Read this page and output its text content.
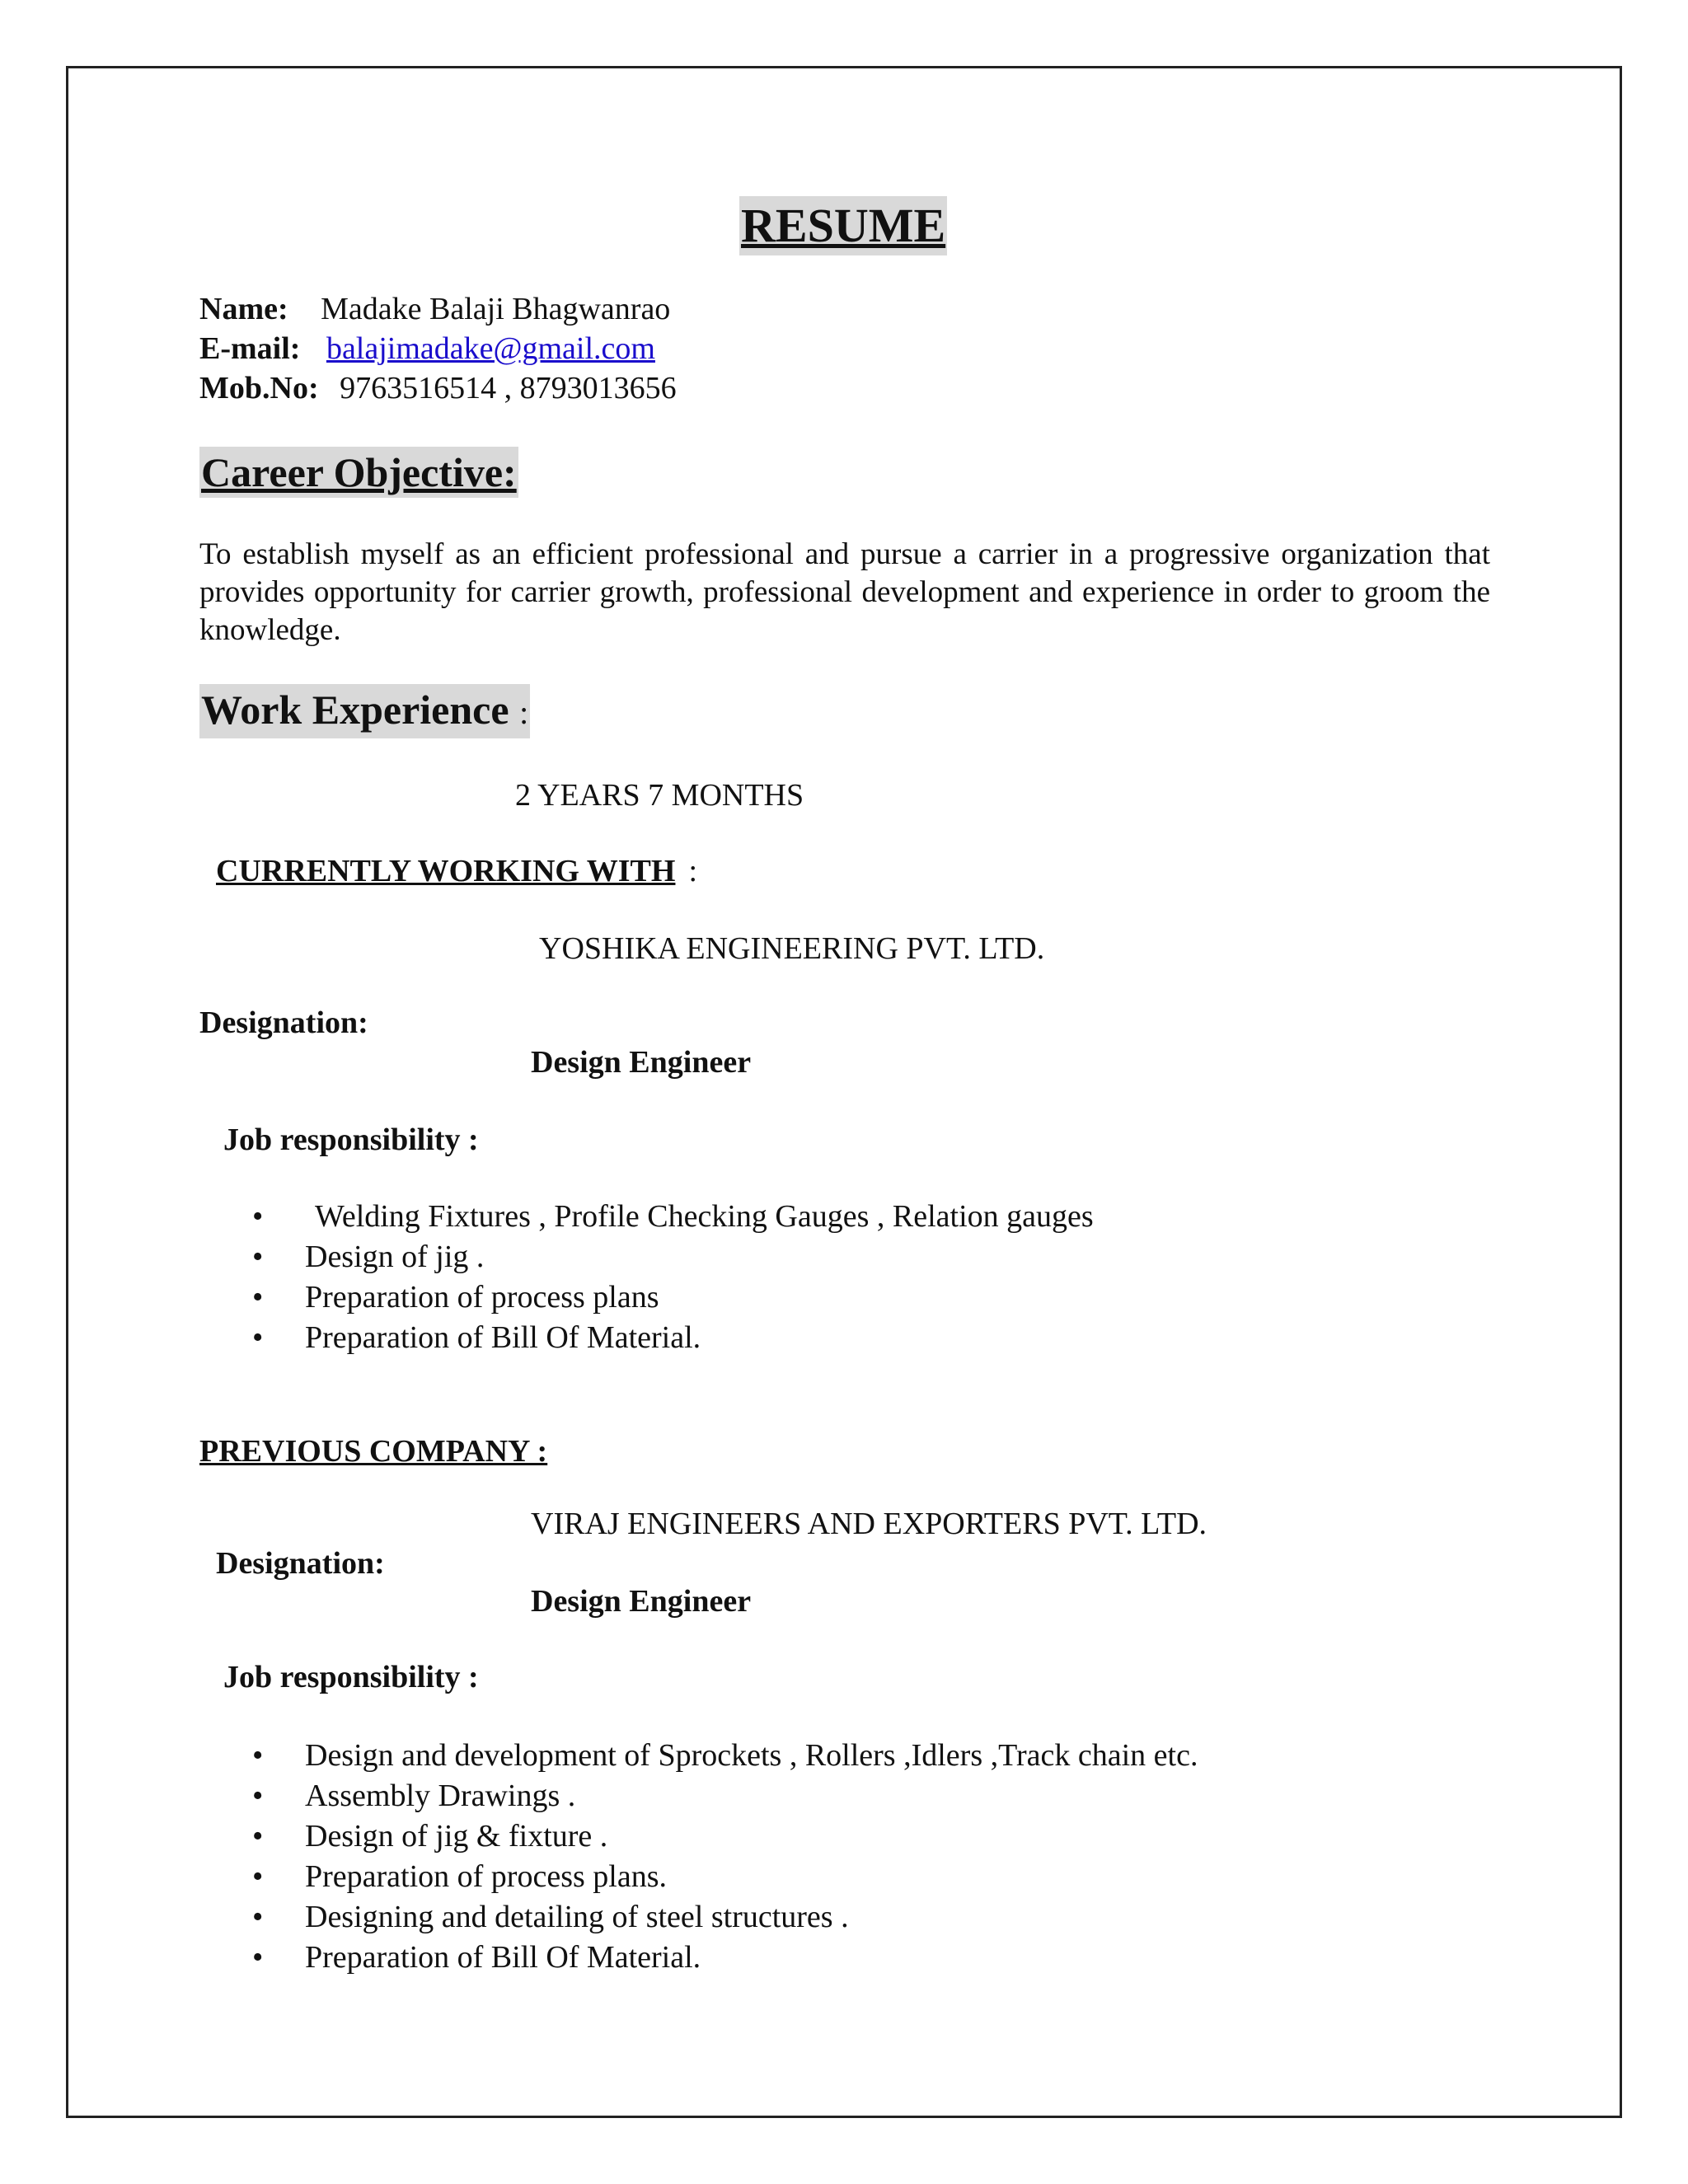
RESUME
Name: Madake Balaji Bhagwanrao
E-mail: balajimadake@gmail.com
Mob.No: 9763516514 , 8793013656
Career Objective:
To establish myself as an efficient professional and pursue a carrier in a progressive organization that provides opportunity for carrier growth, professional development and experience in order to groom the knowledge.
Work Experience :
2 YEARS 7 MONTHS
CURRENTLY WORKING WITH :
YOSHIKA ENGINEERING PVT. LTD.
Designation:
Design Engineer
Job responsibility :
• Welding Fixtures , Profile Checking Gauges , Relation gauges
• Design of jig .
• Preparation of process plans
• Preparation of Bill Of Material.
PREVIOUS COMPANY :
VIRAJ ENGINEERS AND EXPORTERS PVT. LTD.
Designation:
Design Engineer
Job responsibility :
• Design and development of Sprockets , Rollers ,Idlers ,Track chain etc.
• Assembly Drawings .
• Design of jig & fixture .
• Preparation of process plans.
• Designing and detailing of steel structures .
• Preparation of Bill Of Material.
